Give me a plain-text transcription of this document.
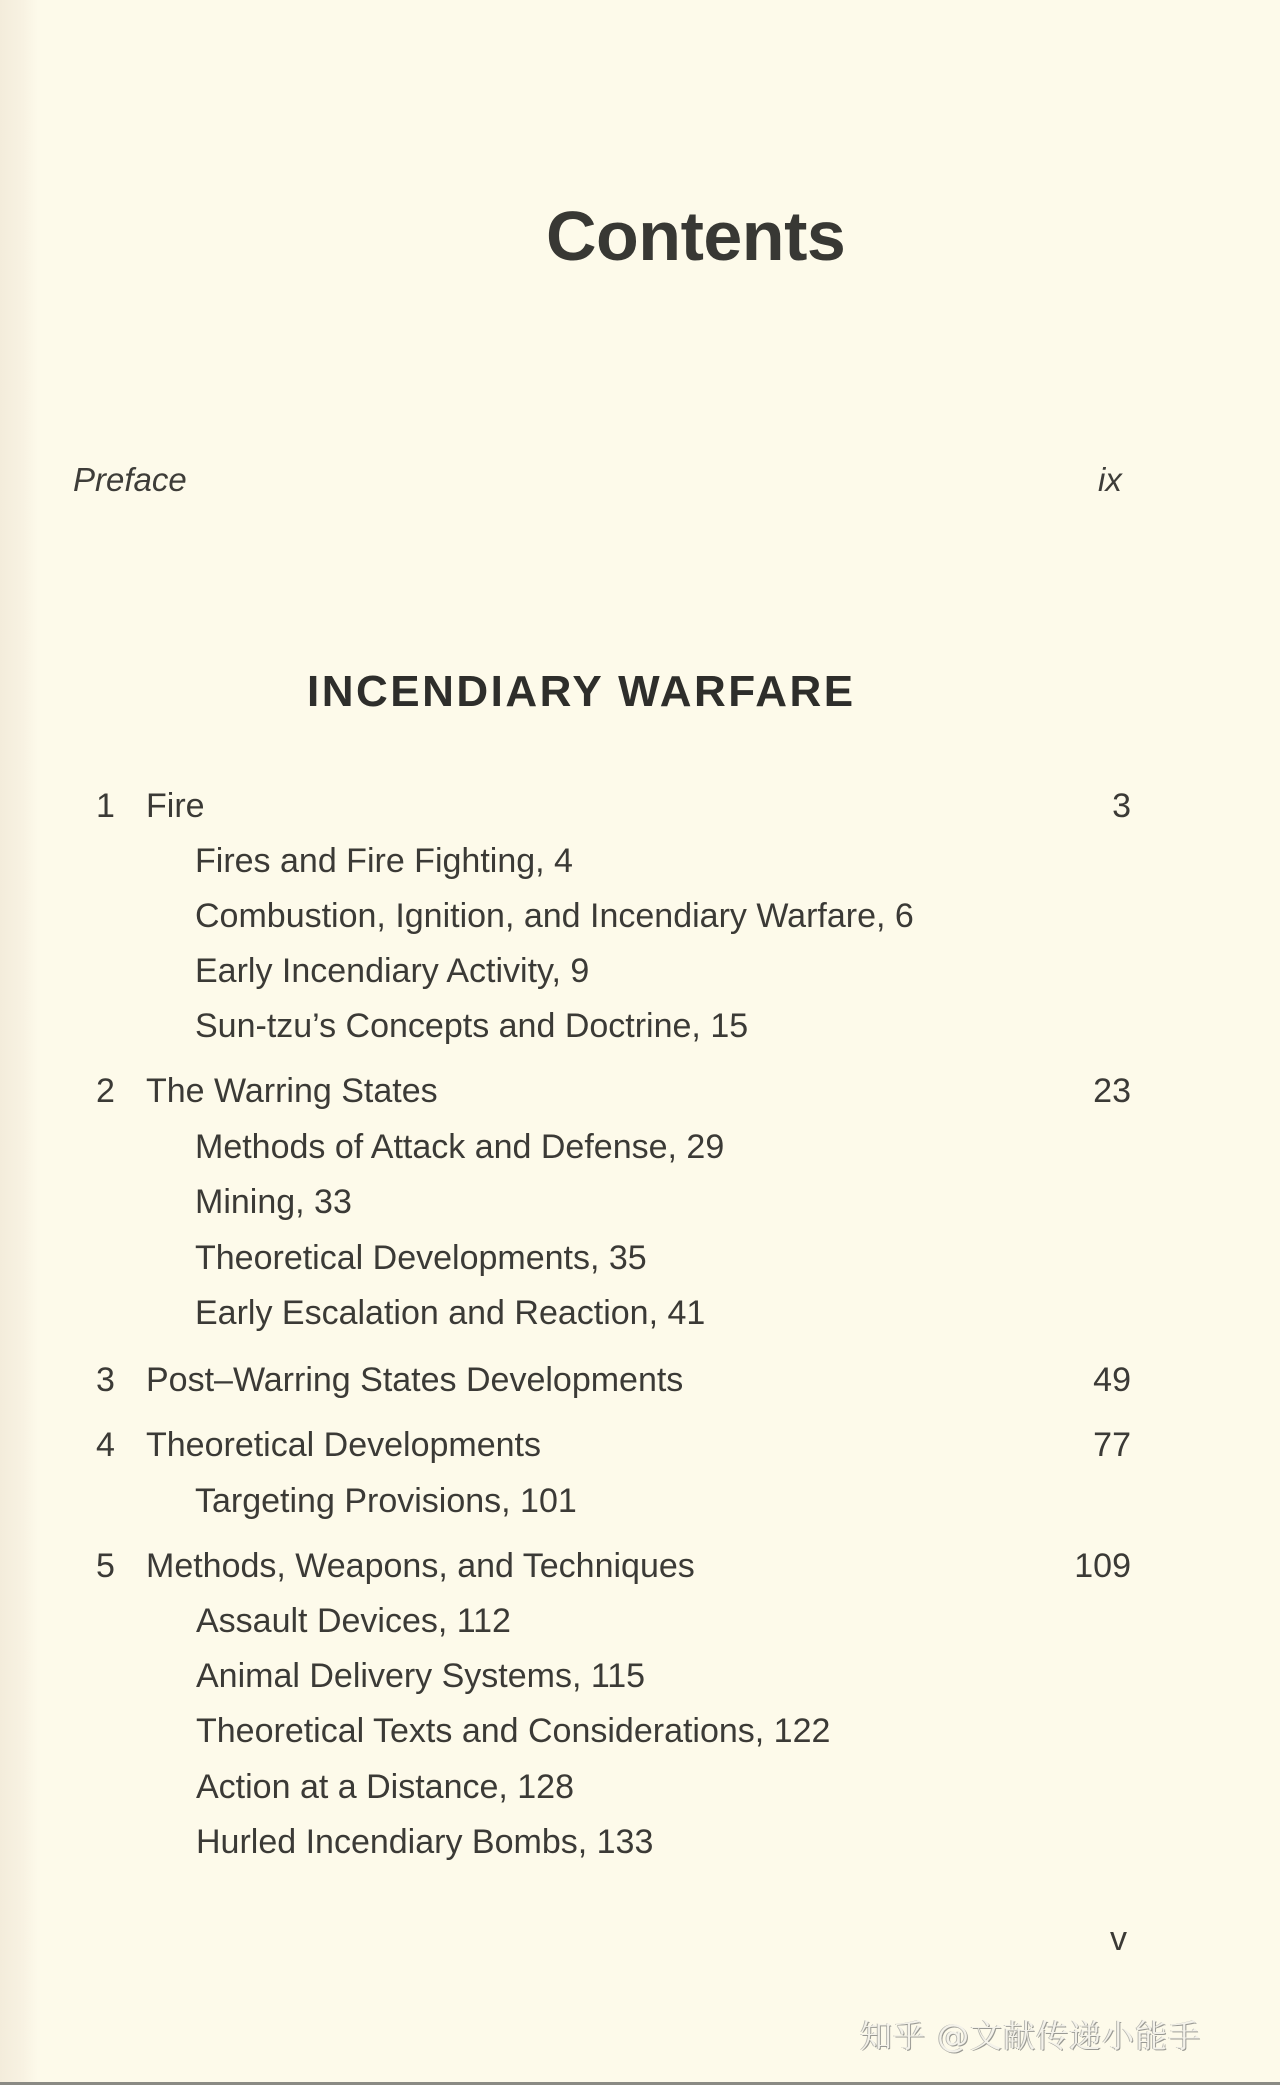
Contents
Preface	ix
INCENDIARY WARFARE
1 Fire	3
Fires and Fire Fighting, 4
Combustion, Ignition, and Incendiary Warfare, 6
Early Incendiary Activity, 9
Sun-tzu’s Concepts and Doctrine, 15
2 The Warring States	23
Methods of Attack and Defense, 29
Mining, 33
Theoretical Developments, 35
Early Escalation and Reaction, 41
3 Post–Warring States Developments	49
4 Theoretical Developments	77
Targeting Provisions, 101
5 Methods, Weapons, and Techniques	109
Assault Devices, 112
Animal Delivery Systems, 115
Theoretical Texts and Considerations, 122
Action at a Distance, 128
Hurled Incendiary Bombs, 133
v
知乎 @文献传递小能手
